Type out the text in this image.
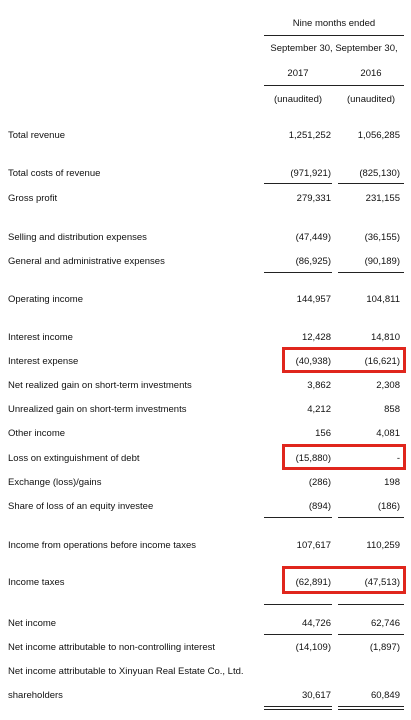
Nine months ended
September 30, September 30,
2017	2016
(unaudited)	(unaudited)
Total revenue	1,251,252	1,056,285
Total costs of revenue	(971,921)	(825,130)
Gross profit	279,331	231,155
Selling and distribution expenses	(47,449)	(36,155)
General and administrative expenses	(86,925)	(90,189)
Operating income	144,957	104,811
Interest income	12,428	14,810
Interest expense	(40,938)	(16,621)
Net realized gain on short-term investments	3,862	2,308
Unrealized gain on short-term investments	4,212	858
Other income	156	4,081
Loss on extinguishment of debt	(15,880)	-
Exchange (loss)/gains	(286)	198
Share of loss of an equity investee	(894)	(186)
Income from operations before income taxes	107,617	110,259
Income taxes	(62,891)	(47,513)
Net income	44,726	62,746
Net income attributable to non-controlling interest	(14,109)	(1,897)
Net income attributable to Xinyuan Real Estate Co., Ltd.
shareholders	30,617	60,849
